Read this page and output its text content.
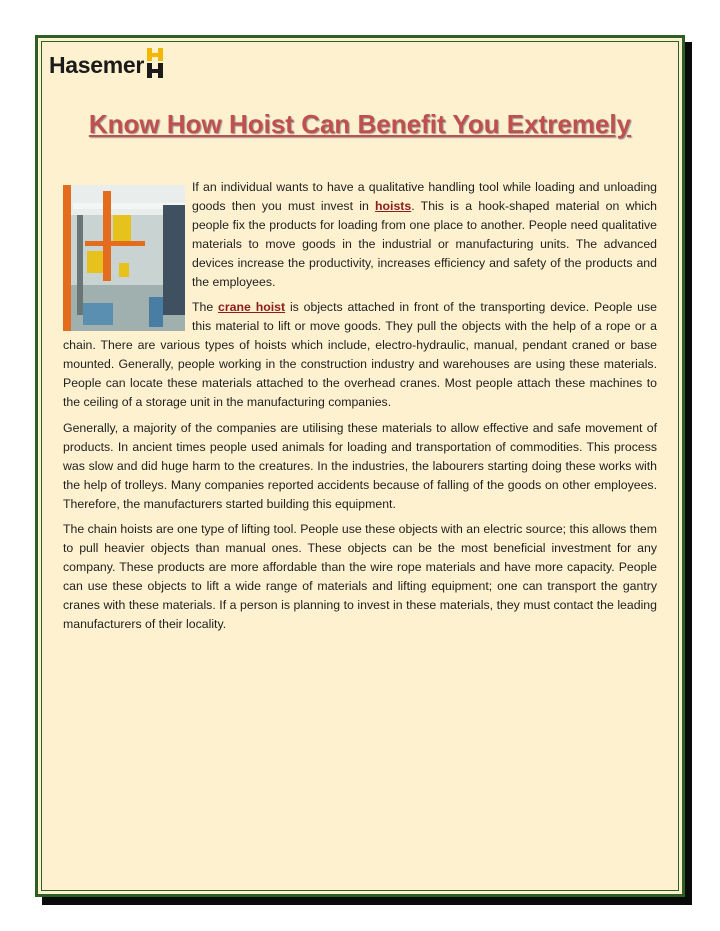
Hasemer
Know How Hoist Can Benefit You Extremely

If an individual wants to have a qualitative handling tool while loading and unloading goods then you must invest in hoists. This is a hook-shaped material on which people fix the products for loading from one place to another. People need qualitative materials to move goods in the industrial or manufacturing units. The advanced devices increase the productivity, increases efficiency and safety of the products and the employees.

The crane hoist is objects attached in front of the transporting device. People use this material to lift or move goods. They pull the objects with the help of a rope or a chain. There are various types of hoists which include, electro-hydraulic, manual, pendant craned or base mounted. Generally, people working in the construction industry and warehouses are using these materials. People can locate these materials attached to the overhead cranes. Most people attach these machines to the ceiling of a storage unit in the manufacturing companies.

Generally, a majority of the companies are utilising these materials to allow effective and safe movement of products. In ancient times people used animals for loading and transportation of commodities. This process was slow and did huge harm to the creatures. In the industries, the labourers starting doing these works with the help of trolleys. Many companies reported accidents because of falling of the goods on other employees. Therefore, the manufacturers started building this equipment.

The chain hoists are one type of lifting tool. People use these objects with an electric source; this allows them to pull heavier objects than manual ones. These objects can be the most beneficial investment for any company. These products are more affordable than the wire rope materials and have more capacity. People can use these objects to lift a wide range of materials and lifting equipment; one can transport the gantry cranes with these materials. If a person is planning to invest in these materials, they must contact the leading manufacturers of their locality.
